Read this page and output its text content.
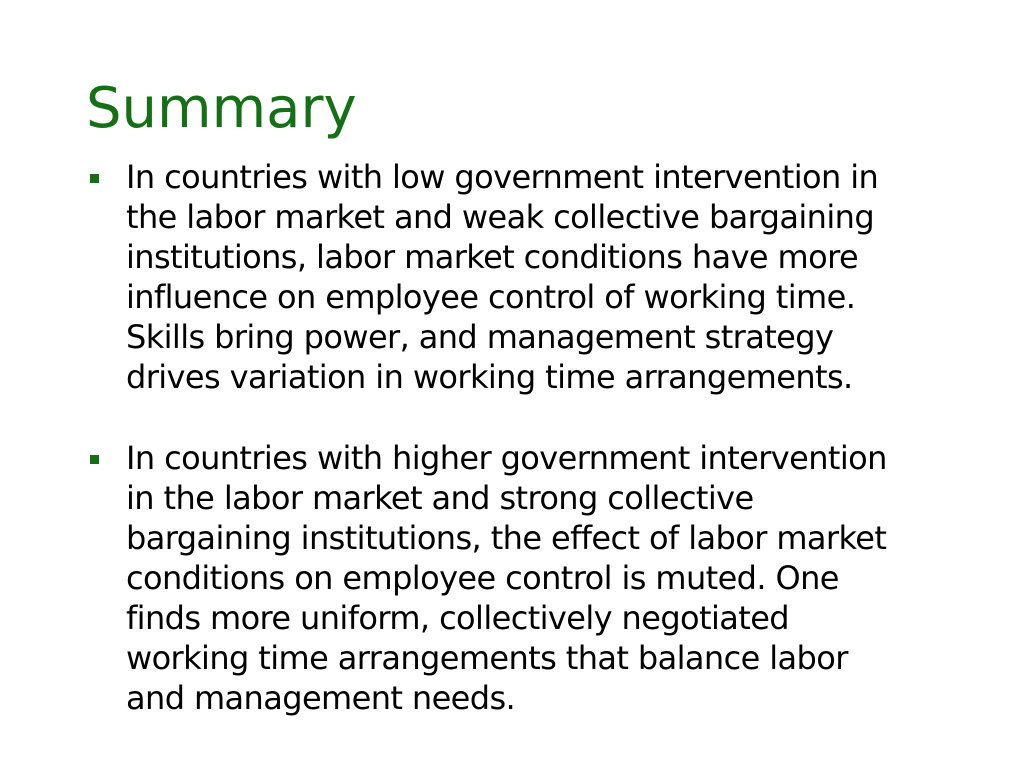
Summary
In countries with low government intervention in
the labor market and weak collective bargaining
institutions, labor market conditions have more
influence on employee control of working time.
Skills bring power, and management strategy
drives variation in working time arrangements.
In countries with higher government intervention
in the labor market and strong collective
bargaining institutions, the effect of labor market
conditions on employee control is muted. One
finds more uniform, collectively negotiated
working time arrangements that balance labor
and management needs.
